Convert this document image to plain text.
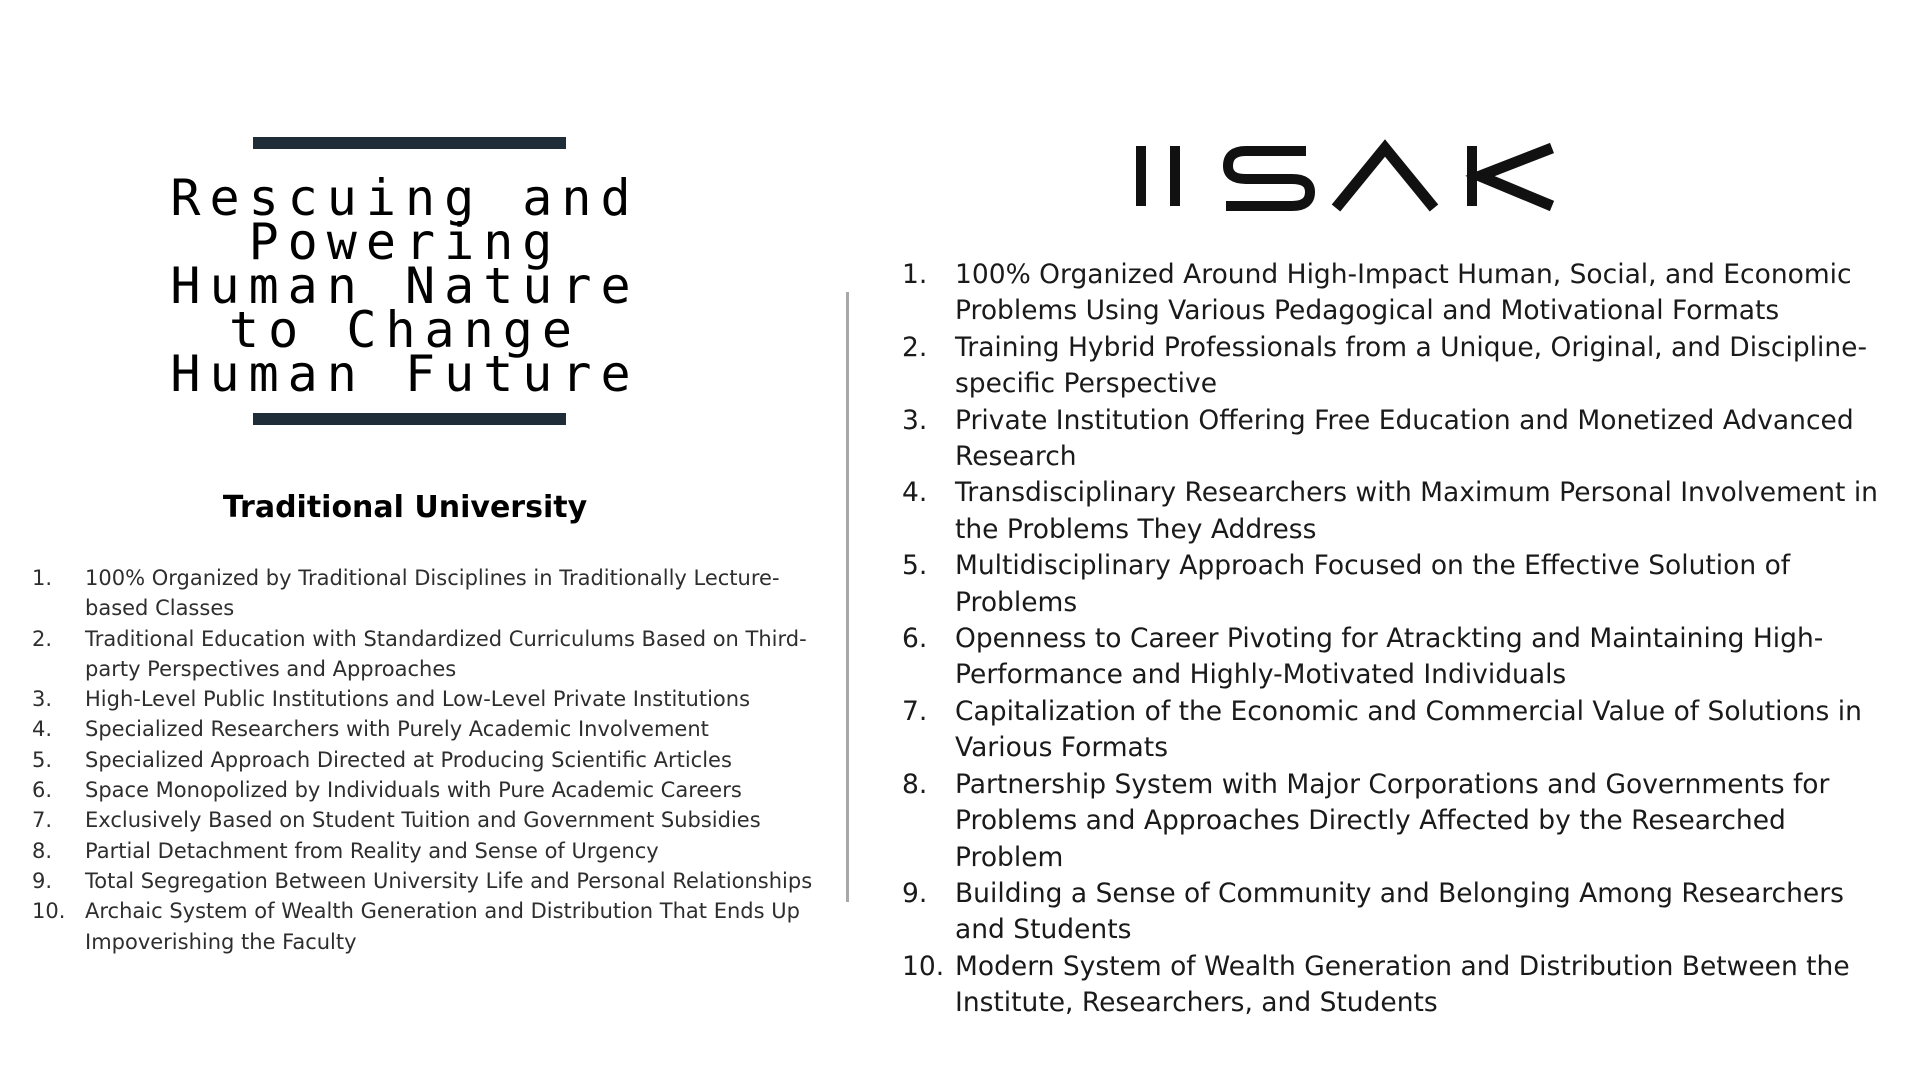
Rescuing and
Powering
Human Nature
to Change
Human Future
Traditional University
1. 100% Organized by Traditional Disciplines in Traditionally Lecture-based Classes
2. Traditional Education with Standardized Curriculums Based on Third-party Perspectives and Approaches
3. High-Level Public Institutions and Low-Level Private Institutions
4. Specialized Researchers with Purely Academic Involvement
5. Specialized Approach Directed at Producing Scientific Articles
6. Space Monopolized by Individuals with Pure Academic Careers
7. Exclusively Based on Student Tuition and Government Subsidies
8. Partial Detachment from Reality and Sense of Urgency
9. Total Segregation Between University Life and Personal Relationships
10. Archaic System of Wealth Generation and Distribution That Ends Up Impoverishing the Faculty
1. 100% Organized Around High-Impact Human, Social, and Economic Problems Using Various Pedagogical and Motivational Formats
2. Training Hybrid Professionals from a Unique, Original, and Discipline-specific Perspective
3. Private Institution Offering Free Education and Monetized Advanced Research
4. Transdisciplinary Researchers with Maximum Personal Involvement in the Problems They Address
5. Multidisciplinary Approach Focused on the Effective Solution of Problems
6. Openness to Career Pivoting for Atrackting and Maintaining High-Performance and Highly-Motivated Individuals
7. Capitalization of the Economic and Commercial Value of Solutions in Various Formats
8. Partnership System with Major Corporations and Governments for Problems and Approaches Directly Affected by the Researched Problem
9. Building a Sense of Community and Belonging Among Researchers and Students
10. Modern System of Wealth Generation and Distribution Between the Institute, Researchers, and Students
